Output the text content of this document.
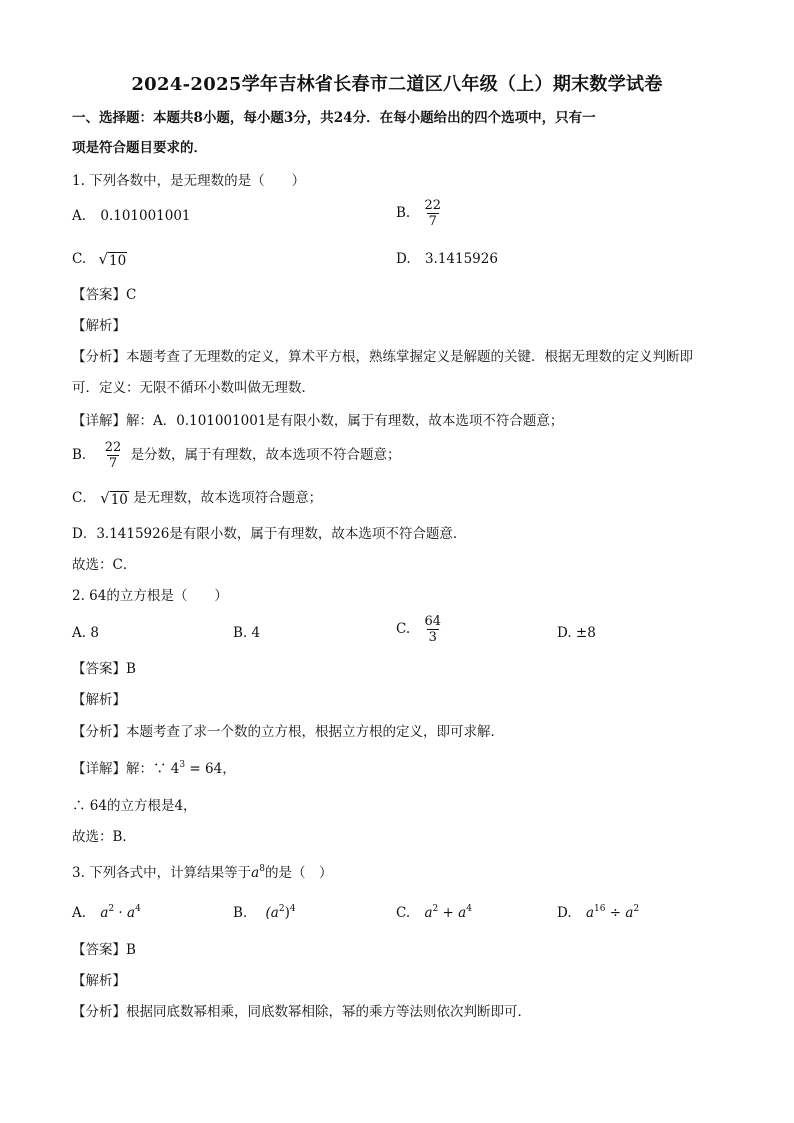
2024-2025学年吉林省长春市二道区八年级（上）期末数学试卷
一、选择题：本题共8小题，每小题3分，共24分．在每小题给出的四个选项中，只有一
项是符合题目要求的．
1. 下列各数中，是无理数的是（　　）
A. 0.101001001	B. $\frac{22}{7}$
C. √ 10	D. 3.1415926
【答案】C
【解析】
【分析】本题考查了无理数的定义，算术平方根，熟练掌握定义是解题的关键．根据无理数的定义判断即
可．定义：无限不循环小数叫做无理数．
【详解】解：A．0.101001001是有限小数，属于有理数，故本选项不符合题意；
B． $\frac{22}{7}$ 是分数，属于有理数，故本选项不符合题意；
C． √ 10 是无理数，故本选项符合题意；
D．3.1415926是有限小数，属于有理数，故本选项不符合题意．
故选：C．
2. 64的立方根是（　　）
A. 8	B. 4	C. $\frac{64}{3}$	D. ±8
【答案】B
【解析】
【分析】本题考查了求一个数的立方根，根据立方根的定义，即可求解．
【详解】解：∵ $4^3 = 64$，
∴ 64的立方根是4，
故选：B．
3. 下列各式中，计算结果等于$a^8$的是（　）
A. $a^2 \cdot a^4$	B. $(a^2)^4$	C. $a^2 + a^4$	D. $a^{16} \div a^2$
【答案】B
【解析】
【分析】根据同底数幂相乘，同底数幂相除，幂的乘方等法则依次判断即可．
